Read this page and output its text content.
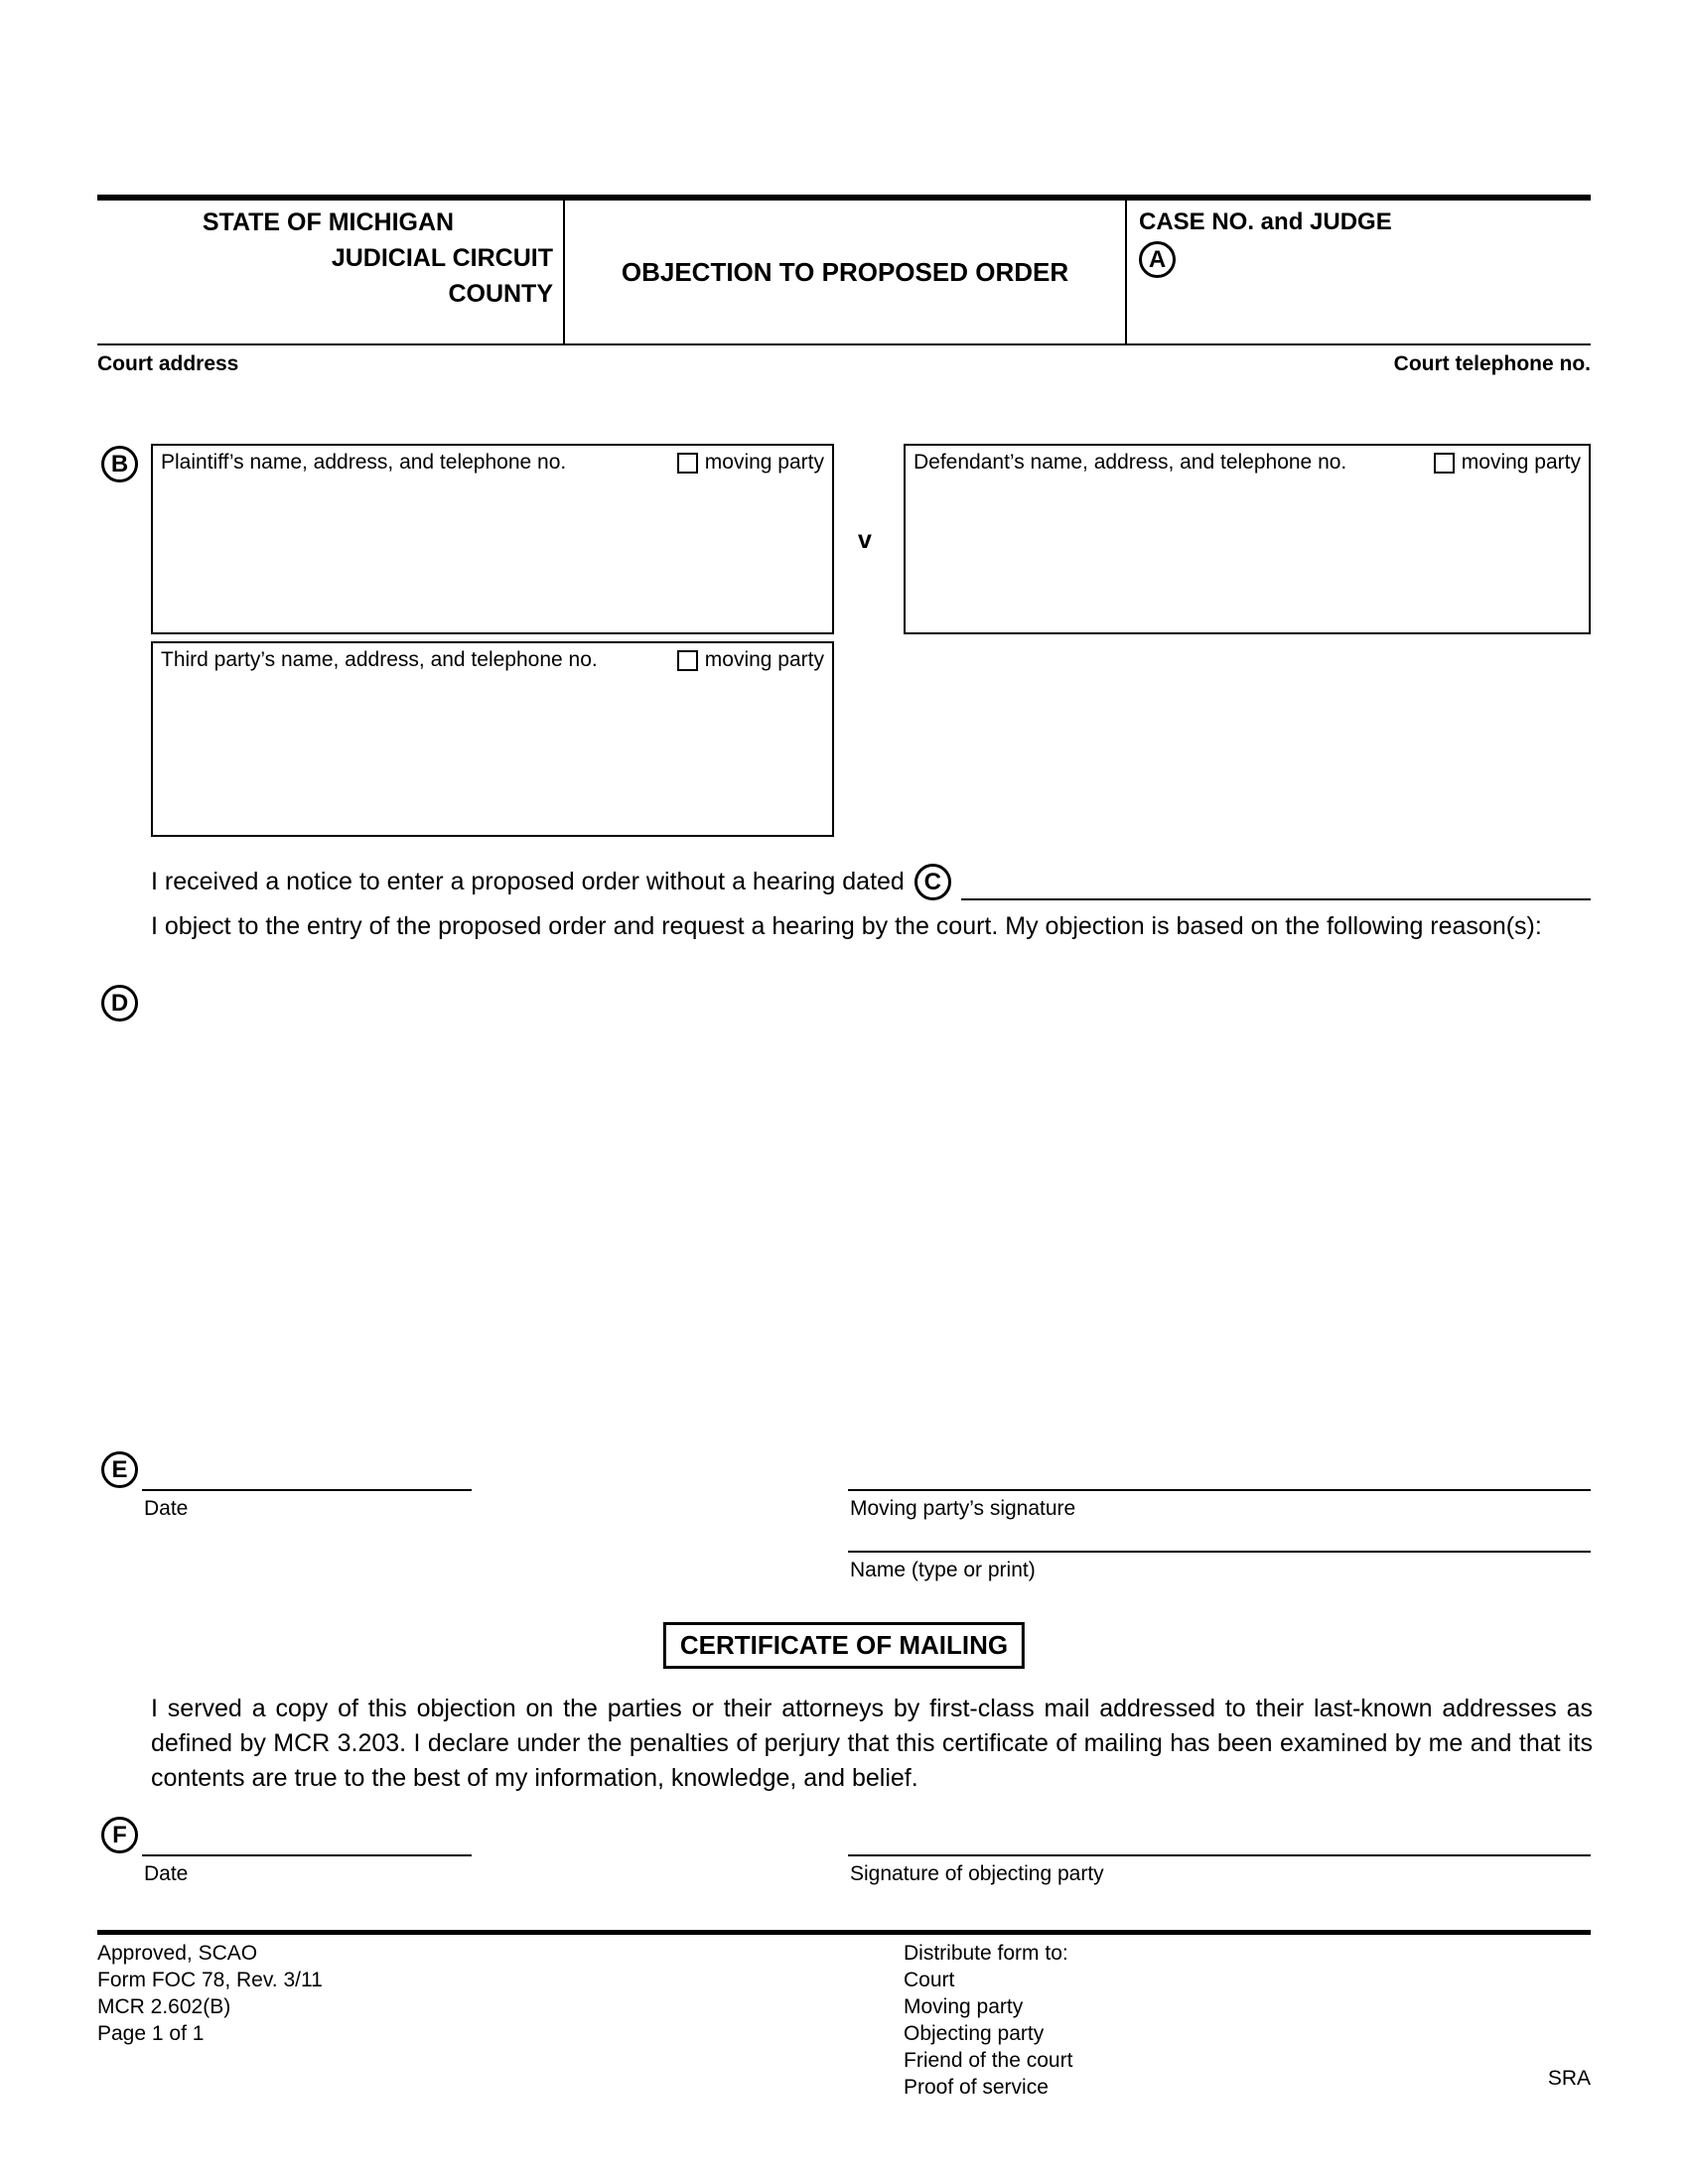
STATE OF MICHIGAN
JUDICIAL CIRCUIT
COUNTY
OBJECTION TO PROPOSED ORDER
CASE NO. and JUDGE
A
Court address	Court telephone no.
B	Plaintiff’s name, address, and telephone no.	moving party
v
Defendant’s name, address, and telephone no.	moving party
Third party’s name, address, and telephone no.	moving party
I received a notice to enter a proposed order without a hearing dated C
I object to the entry of the proposed order and request a hearing by the court. My objection is based on the following reason(s):
D
E
Date	Moving party’s signature
Name (type or print)
CERTIFICATE OF MAILING
I served a copy of this objection on the parties or their attorneys by first-class mail addressed to their last-known addresses as defined by MCR 3.203. I declare under the penalties of perjury that this certificate of mailing has been examined by me and that its contents are true to the best of my information, knowledge, and belief.
F
Date	Signature of objecting party
Approved, SCAO
Form FOC 78, Rev. 3/11
MCR 2.602(B)
Page 1 of 1
Distribute form to:
Court
Moving party
Objecting party
Friend of the court
Proof of service	SRA
